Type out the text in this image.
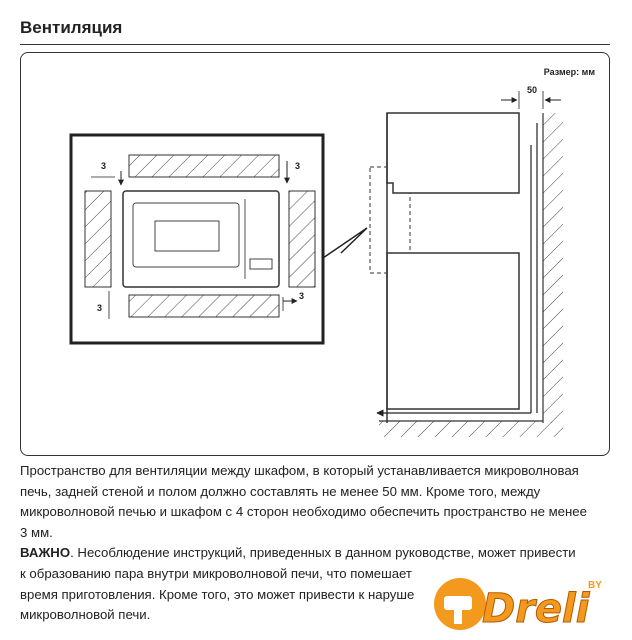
Вентиляция
Размер: мм
3	3
3
3
50

Пространство для вентиляции между шкафом, в который устанавливается микроволновая

печь, задней стеной и полом должно составлять не менее 50 мм. Кроме того, между

микроволновой печью и шкафом с 4 сторон необходимо обеспечить пространство не менее

3 мм.

ВАЖНО. Несоблюдение инструкций, приведенных в данном руководстве, может привести

к образованию пара внутри микроволновой печи, что помешает

время приготовления. Кроме того, это может привести к наруше

микроволновой печи.	Dreli
BY
